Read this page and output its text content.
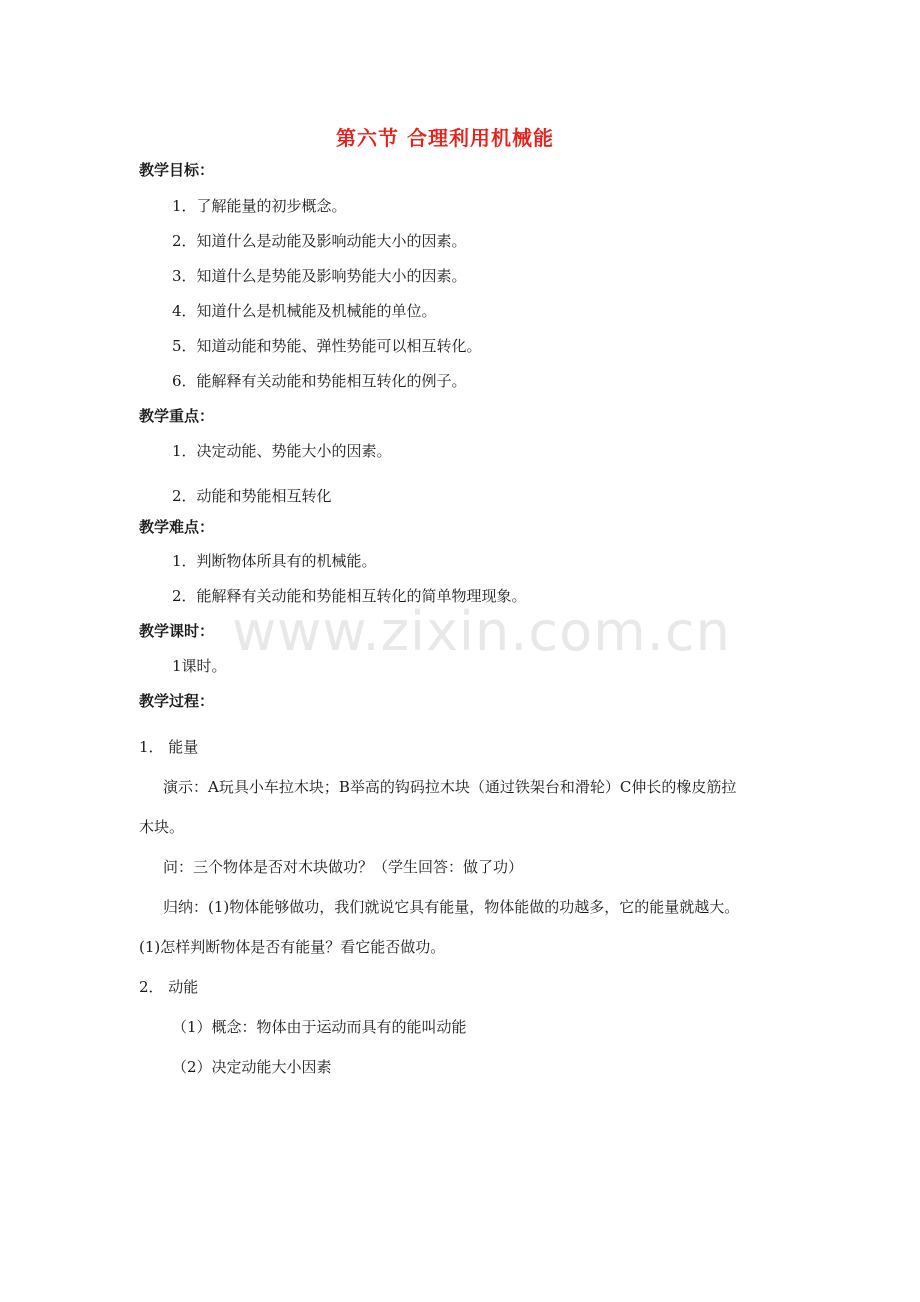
第六节 合理利用机械能
教学目标：
1．了解能量的初步概念。
2．知道什么是动能及影响动能大小的因素。
3．知道什么是势能及影响势能大小的因素。
4．知道什么是机械能及机械能的单位。
5．知道动能和势能、弹性势能可以相互转化。
6．能解释有关动能和势能相互转化的例子。
教学重点：
1．决定动能、势能大小的因素。
2．动能和势能相互转化
教学难点：
1．判断物体所具有的机械能。
2．能解释有关动能和势能相互转化的简单物理现象。
教学课时：
1课时。
教学过程：
1． 能量
演示：A玩具小车拉木块；B举高的钩码拉木块（通过铁架台和滑轮）C伸长的橡皮筋拉
木块。
问：三个物体是否对木块做功？（学生回答：做了功）
归纳：(1)物体能够做功，我们就说它具有能量，物体能做的功越多，它的能量就越大。
(1)怎样判断物体是否有能量？看它能否做功。
2． 动能
（1）概念：物体由于运动而具有的能叫动能
（2）决定动能大小因素
www.zixin.com.cn
